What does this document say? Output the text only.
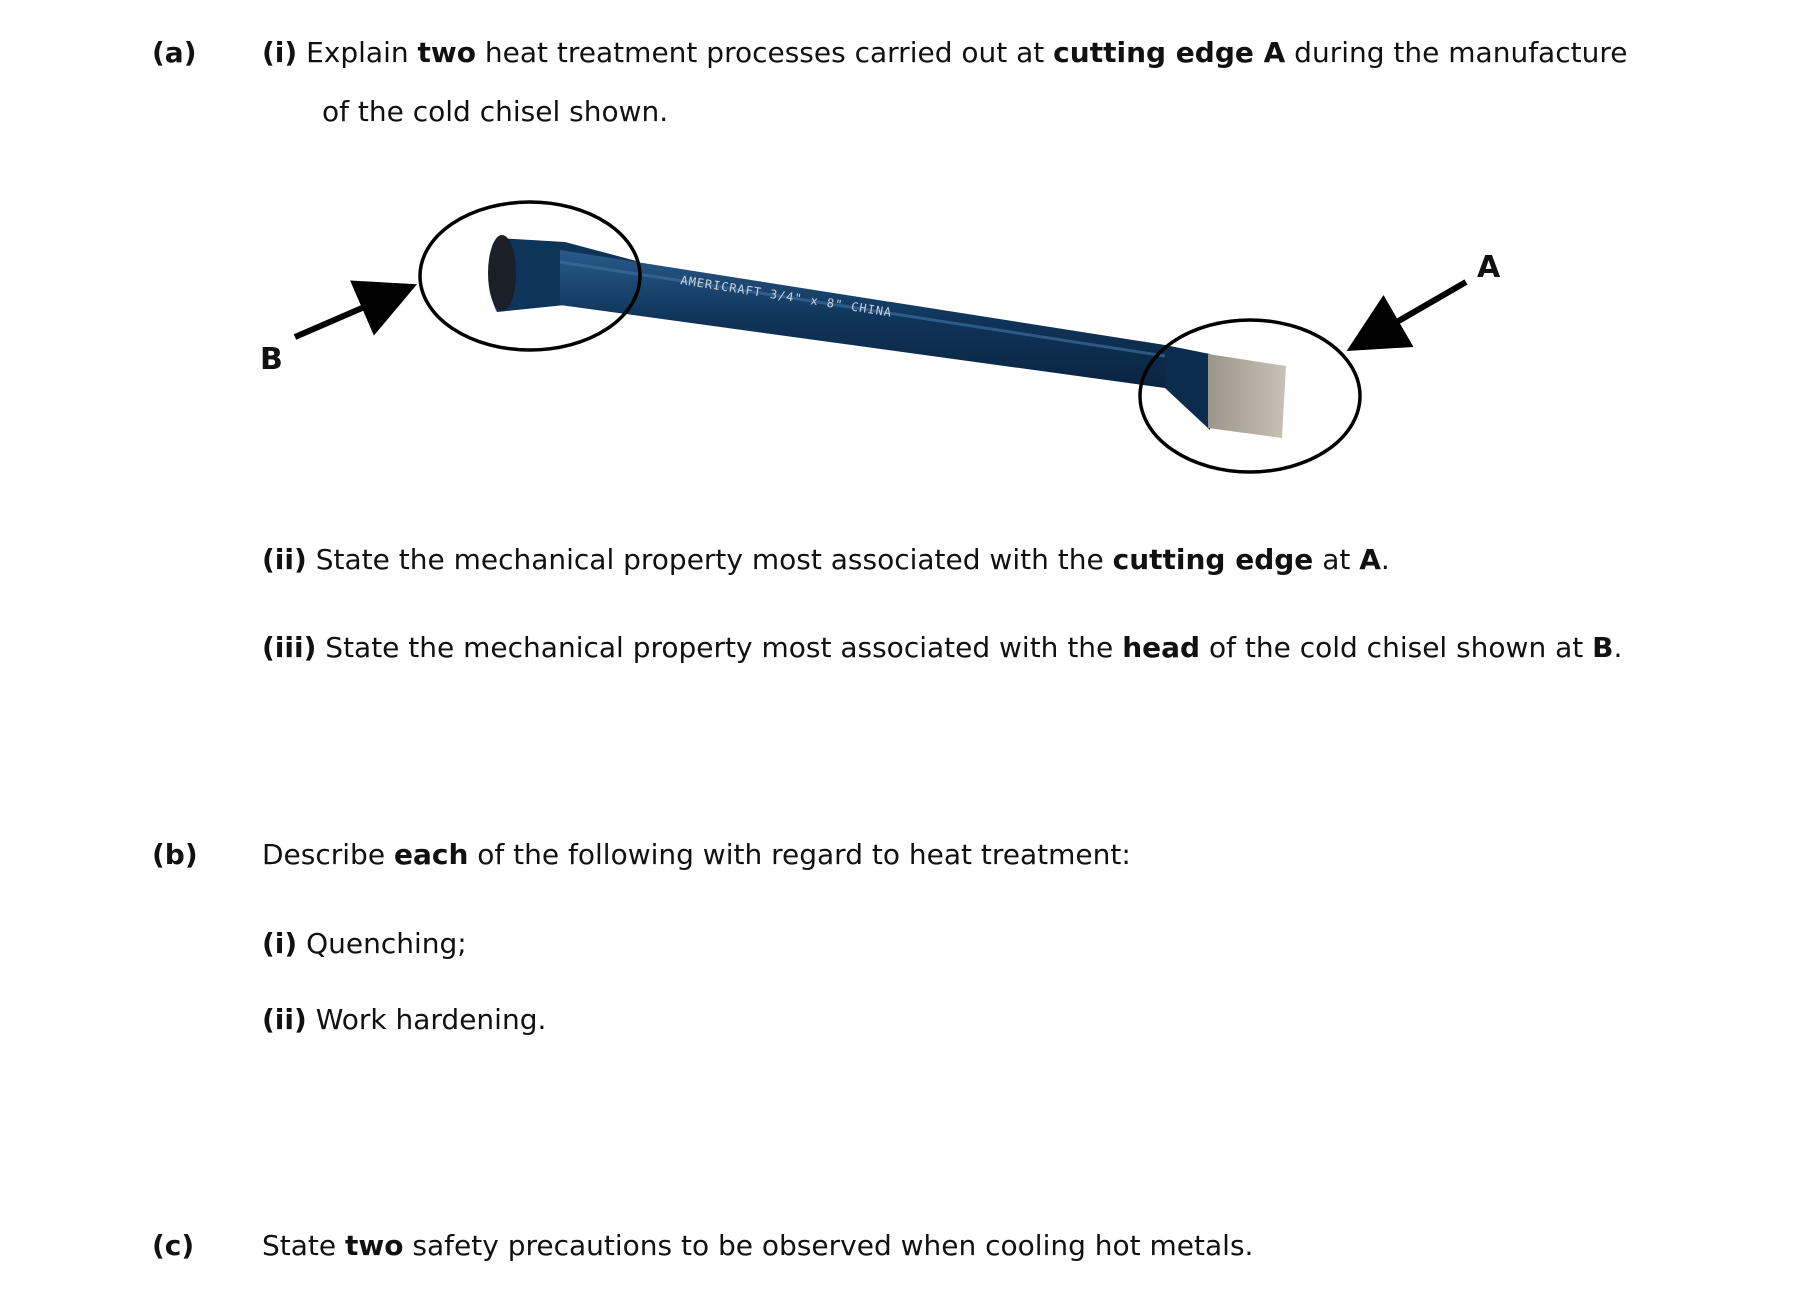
(a) (i) Explain two heat treatment processes carried out at cutting edge A during the manufacture
of the cold chisel shown.
AMERICRAFT 3/4" x 8" CHINA
A
B
(ii) State the mechanical property most associated with the cutting edge at A.
(iii) State the mechanical property most associated with the head of the cold chisel shown at B.
(b) Describe each of the following with regard to heat treatment:
(i) Quenching;
(ii) Work hardening.
(c) State two safety precautions to be observed when cooling hot metals.
